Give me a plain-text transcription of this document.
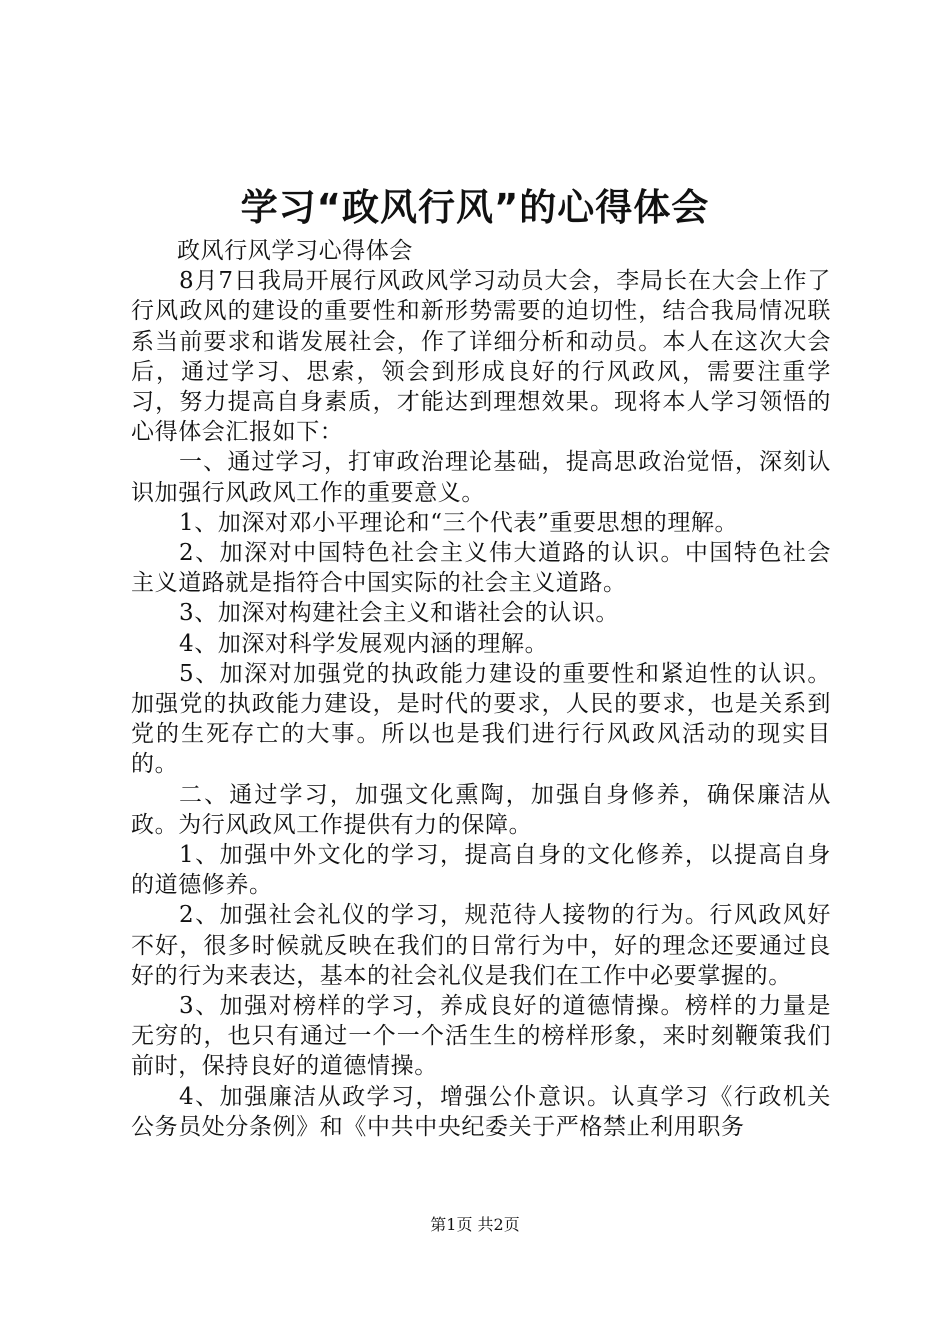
学习“政风行风”的心得体会

政风行风学习心得体会

8月7日我局开展行风政风学习动员大会，李局长在大会上作了行风政风的建设的重要性和新形势需要的迫切性，结合我局情况联系当前要求和谐发展社会，作了详细分析和动员。本人在这次大会后，通过学习、思索，领会到形成良好的行风政风，需要注重学习，努力提高自身素质，才能达到理想效果。现将本人学习领悟的心得体会汇报如下：

一、通过学习，打审政治理论基础，提高思政治觉悟，深刻认识加强行风政风工作的重要意义。

1、加深对邓小平理论和“三个代表”重要思想的理解。

2、加深对中国特色社会主义伟大道路的认识。中国特色社会主义道路就是指符合中国实际的社会主义道路。

3、加深对构建社会主义和谐社会的认识。

4、加深对科学发展观内涵的理解。

5、加深对加强党的执政能力建设的重要性和紧迫性的认识。加强党的执政能力建设，是时代的要求，人民的要求，也是关系到党的生死存亡的大事。所以也是我们进行行风政风活动的现实目的。

二、通过学习，加强文化熏陶，加强自身修养，确保廉洁从政。为行风政风工作提供有力的保障。

1、加强中外文化的学习，提高自身的文化修养，以提高自身的道德修养。

2、加强社会礼仪的学习，规范待人接物的行为。行风政风好不好，很多时候就反映在我们的日常行为中，好的理念还要通过良好的行为来表达，基本的社会礼仪是我们在工作中必要掌握的。

3、加强对榜样的学习，养成良好的道德情操。榜样的力量是无穷的，也只有通过一个一个活生生的榜样形象，来时刻鞭策我们前时，保持良好的道德情操。

4、加强廉洁从政学习，增强公仆意识。认真学习《行政机关公务员处分条例》和《中共中央纪委关于严格禁止利用职务

第1页 共2页
